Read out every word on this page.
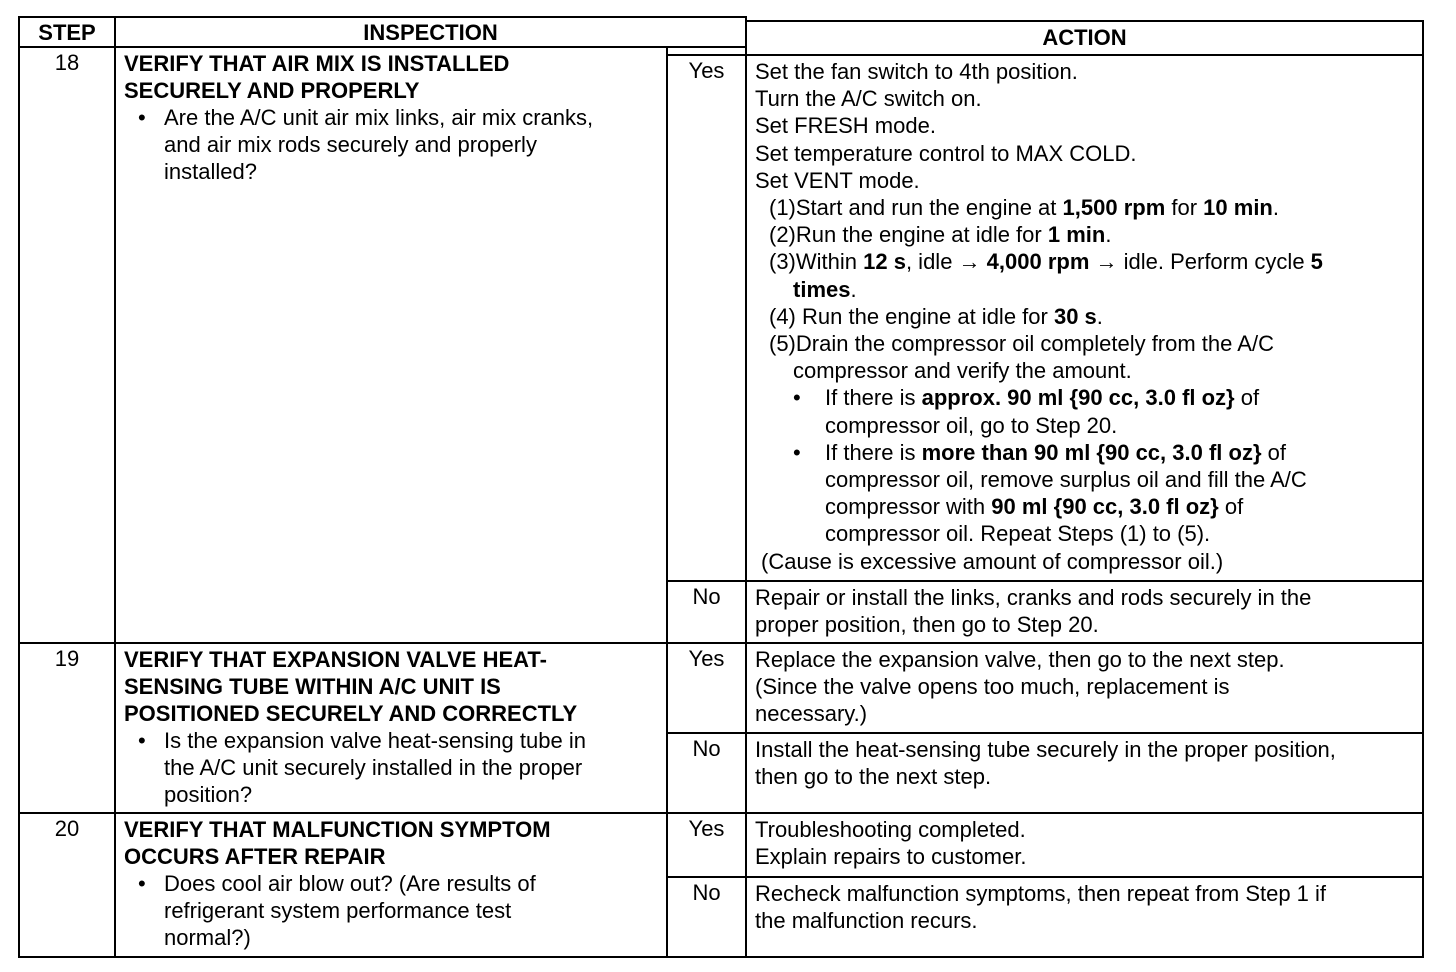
STEP	INSPECTION	ACTION
18	VERIFY THAT AIR MIX IS INSTALLED
SECURELY AND PROPERLY
• Are the A/C unit air mix links, air mix cranks,
and air mix rods securely and properly
installed?
Yes	Set the fan switch to 4th position.
Turn the A/C switch on.
Set FRESH mode.
Set temperature control to MAX COLD.
Set VENT mode.
(1)Start and run the engine at 1,500 rpm for 10 min.
(2)Run the engine at idle for 1 min.
(3)Within 12 s, idle → 4,000 rpm → idle. Perform cycle 5
times.
(4) Run the engine at idle for 30 s.
(5)Drain the compressor oil completely from the A/C
compressor and verify the amount.
• If there is approx. 90 ml {90 cc, 3.0 fl oz} of
compressor oil, go to Step 20.
• If there is more than 90 ml {90 cc, 3.0 fl oz} of
compressor oil, remove surplus oil and fill the A/C
compressor with 90 ml {90 cc, 3.0 fl oz} of
compressor oil. Repeat Steps (1) to (5).
(Cause is excessive amount of compressor oil.)
No	Repair or install the links, cranks and rods securely in the
proper position, then go to Step 20.
19	VERIFY THAT EXPANSION VALVE HEAT-
SENSING TUBE WITHIN A/C UNIT IS
POSITIONED SECURELY AND CORRECTLY
• Is the expansion valve heat-sensing tube in
the A/C unit securely installed in the proper
position?
Yes	Replace the expansion valve, then go to the next step.
(Since the valve opens too much, replacement is
necessary.)
No	Install the heat-sensing tube securely in the proper position,
then go to the next step.
20	VERIFY THAT MALFUNCTION SYMPTOM
OCCURS AFTER REPAIR
• Does cool air blow out? (Are results of
refrigerant system performance test
normal?)
Yes	Troubleshooting completed.
Explain repairs to customer.
No	Recheck malfunction symptoms, then repeat from Step 1 if
the malfunction recurs.
